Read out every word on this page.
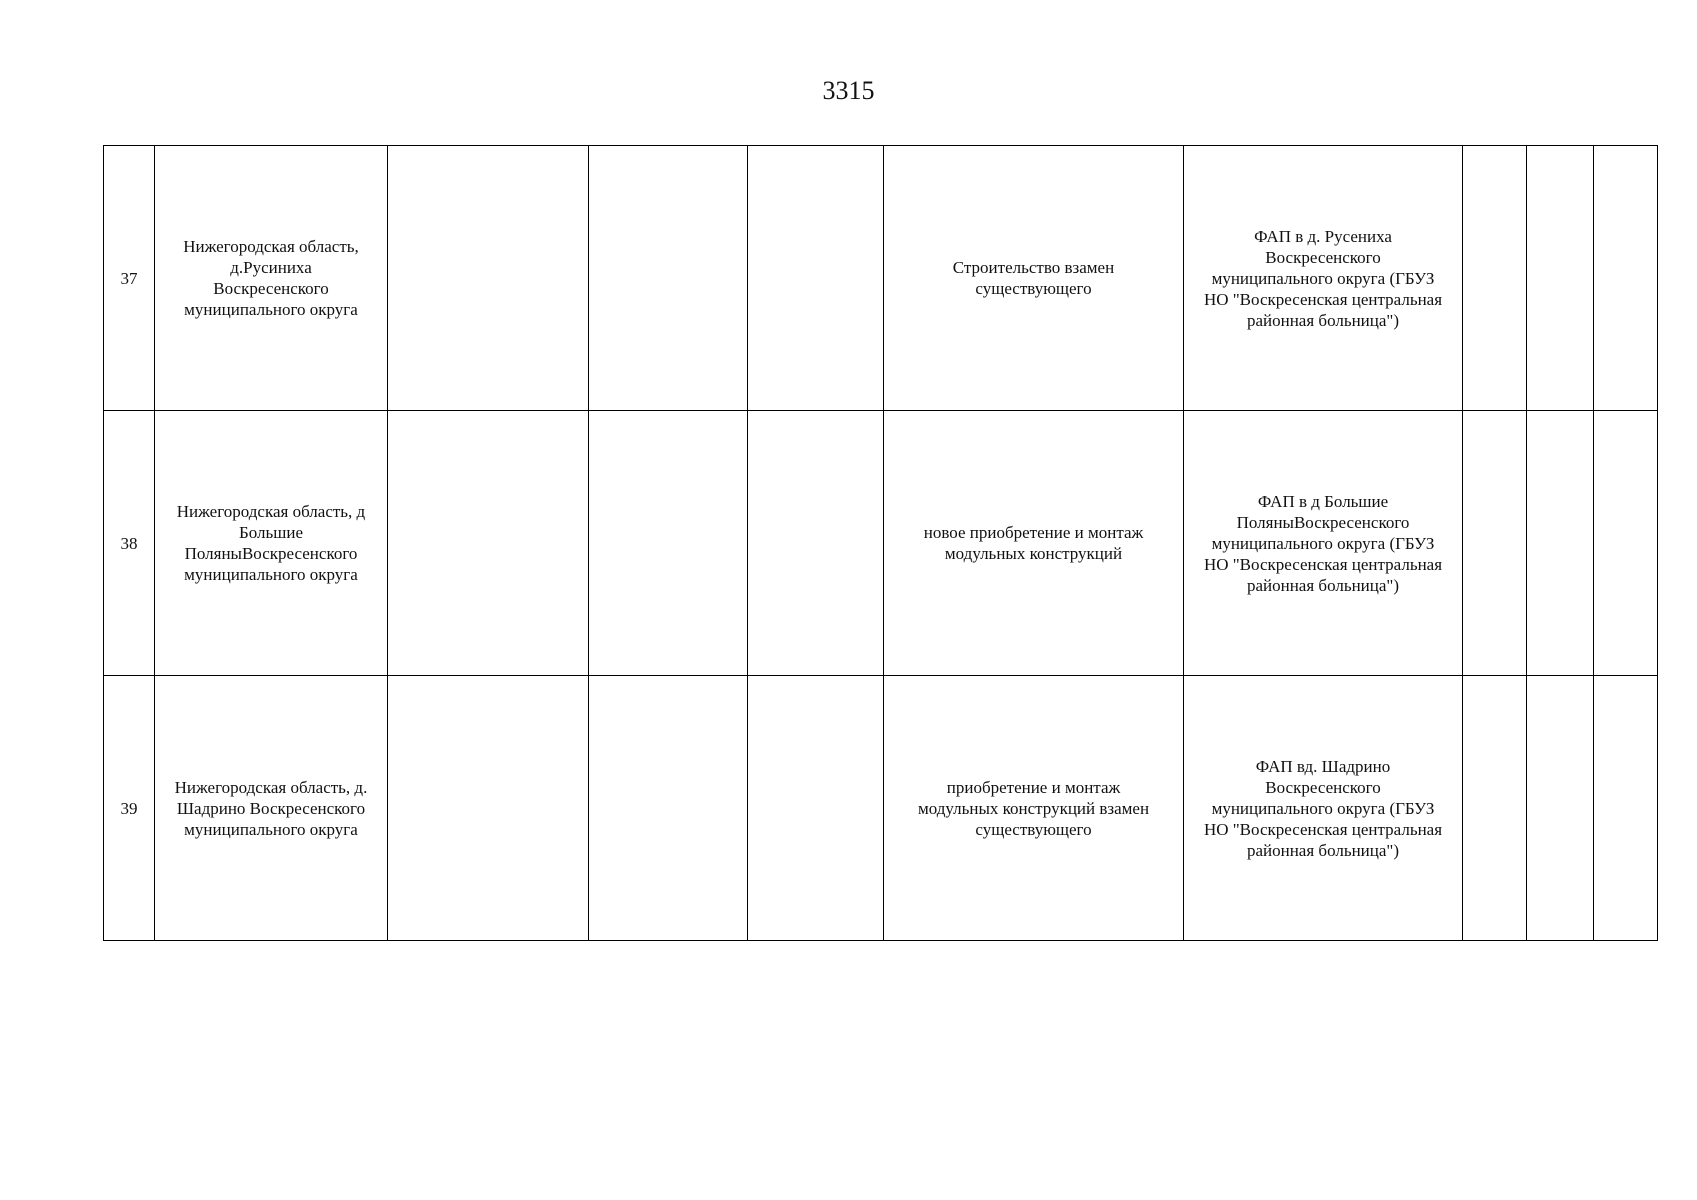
3315
37	Нижегородская область,
д.Русиниха
Воскресенского
муниципального округа				Строительство взамен
существующего	ФАП в д. Русениха
Воскресенского
муниципального округа (ГБУЗ
НО "Воскресенская центральная
районная больница")			
38	Нижегородская область, д
Большие
ПоляныВоскресенского
муниципального округа				новое приобретение и монтаж
модульных конструкций	ФАП в д Большие
ПоляныВоскресенского
муниципального округа (ГБУЗ
НО "Воскресенская центральная
районная больница")			
39	Нижегородская область, д.
Шадрино Воскресенского
муниципального округа				приобретение и монтаж
модульных конструкций взамен
существующего	ФАП вд. Шадрино
Воскресенского
муниципального округа (ГБУЗ
НО "Воскресенская центральная
районная больница")			
